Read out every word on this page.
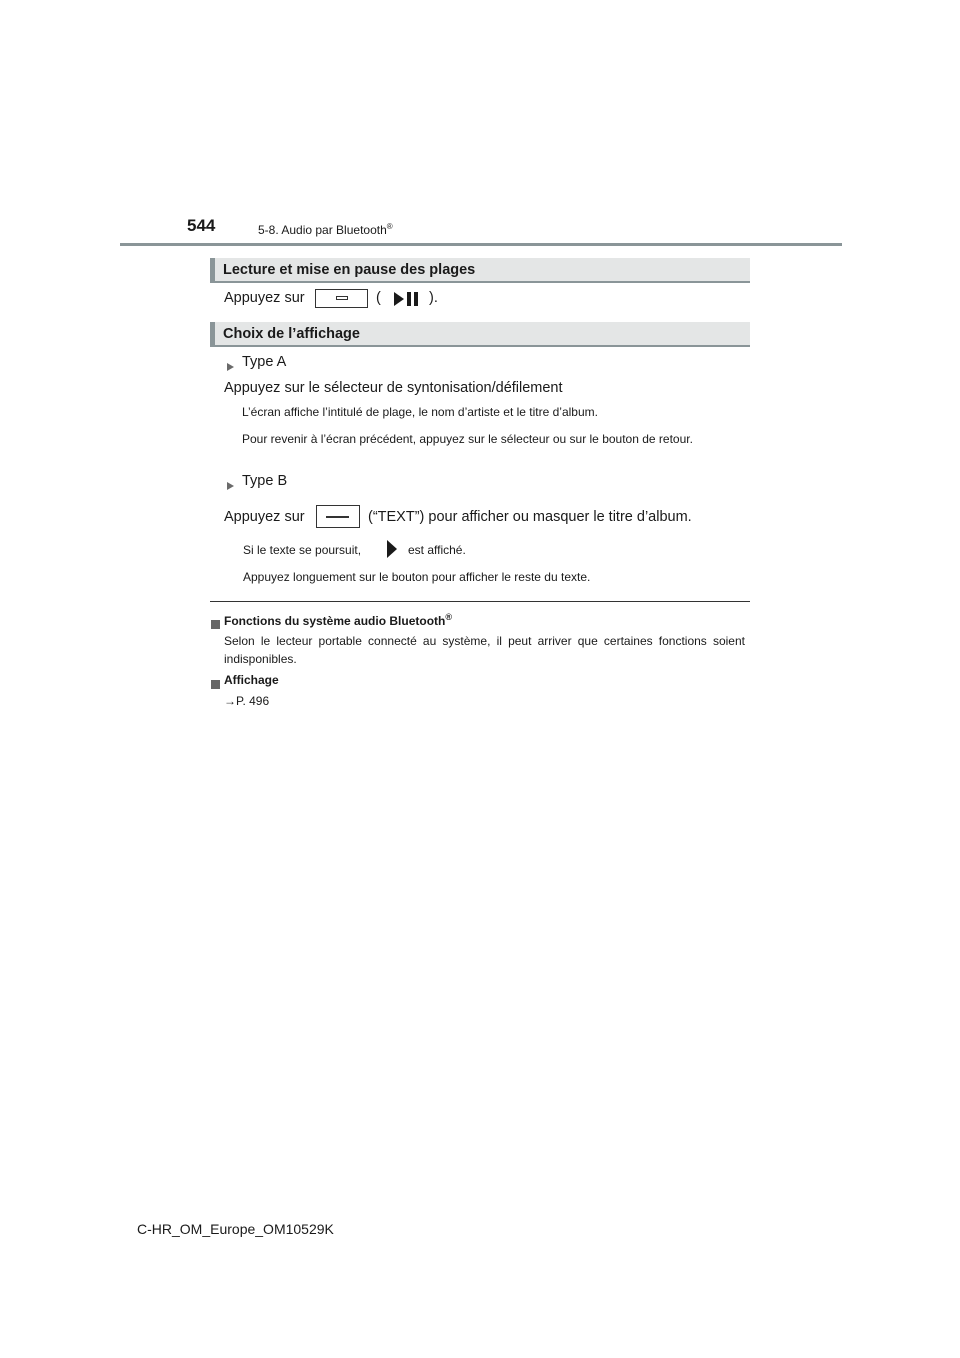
544	5-8. Audio par Bluetooth®
Lecture et mise en pause des plages
Appuyez sur	(	).
Choix de l’affichage
Type A
Appuyez sur le sélecteur de syntonisation/défilement
L’écran affiche l’intitulé de plage, le nom d’artiste et le titre d’album.
Pour revenir à l’écran précédent, appuyez sur le sélecteur ou sur le bouton de retour.
Type B
Appuyez sur	(“TEXT”) pour afficher ou masquer le titre d’album.
Si le texte se poursuit,	est affiché.
Appuyez longuement sur le bouton pour afficher le reste du texte.
Fonctions du système audio Bluetooth®
Selon le lecteur portable connecté au système, il peut arriver que certaines fonctions soient indisponibles.
Affichage
→P. 496
C-HR_OM_Europe_OM10529K
